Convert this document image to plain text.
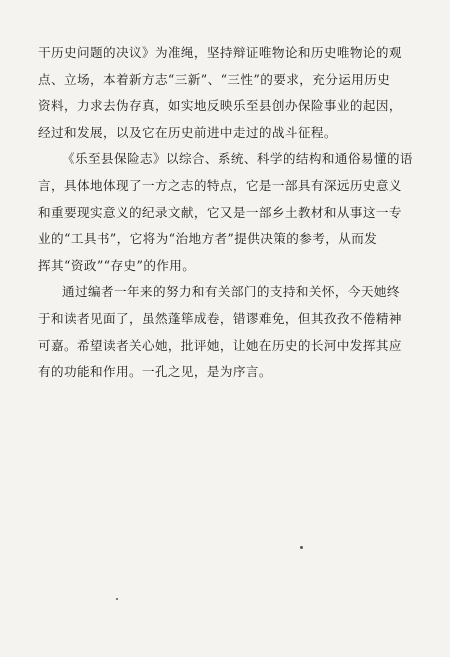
干历史问题的决议》为准绳，坚持辩证唯物论和历史唯物论的观
点、立场，本着新方志“三新”、“三性”的要求，充分运用历史
资料，力求去伪存真，如实地反映乐至县创办保险事业的起因，
经过和发展，以及它在历史前进中走过的战斗征程。
《乐至县保险志》以综合、系统、科学的结构和通俗易懂的语
言，具体地体现了一方之志的特点，它是一部具有深远历史意义
和重要现实意义的纪录文献，它又是一部乡土教材和从事这一专
业的“工具书”，它将为“治地方者”提供决策的参考，从而发
挥其“资政”“存史”的作用。
通过编者一年来的努力和有关部门的支持和关怀，今天她终
于和读者见面了，虽然蓬筚成卷，错谬难免，但其孜孜不倦精神
可嘉。希望读者关心她，批评她，让她在历史的长河中发挥其应
有的功能和作用。一孔之见，是为序言。
